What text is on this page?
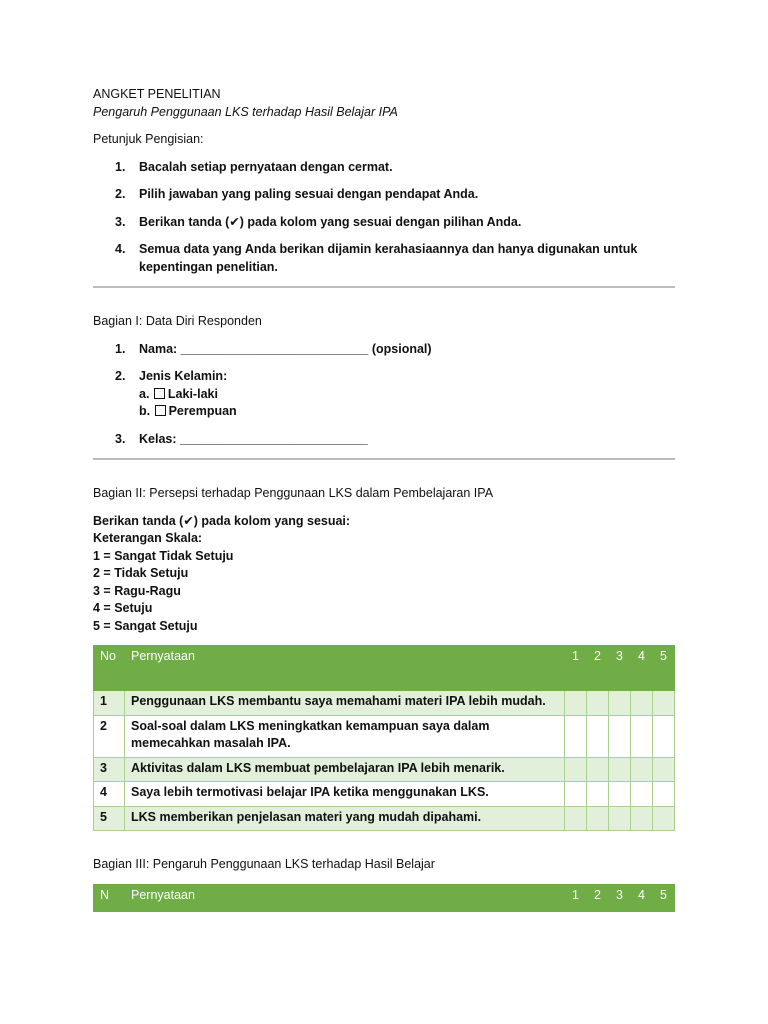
ANGKET PENELITIAN

Pengaruh Penggunaan LKS terhadap Hasil Belajar IPA

Petunjuk Pengisian:

1.	Bacalah setiap pernyataan dengan cermat.
2.	Pilih jawaban yang paling sesuai dengan pendapat Anda.
3.	Berikan tanda (✔) pada kolom yang sesuai dengan pilihan Anda.
4.	Semua data yang Anda berikan dijamin kerahasiaannya dan hanya digunakan untuk kepentingan penelitian.

Bagian I: Data Diri Responden

1.	Nama: ___________________________ (opsional)
2.	Jenis Kelamin:
a. Laki-laki
b. Perempuan
3.	Kelas: ___________________________

Bagian II: Persepsi terhadap Penggunaan LKS dalam Pembelajaran IPA

Berikan tanda (✔) pada kolom yang sesuai:

Keterangan Skala:

1 = Sangat Tidak Setuju

2 = Tidak Setuju

3 = Ragu-Ragu

4 = Setuju

5 = Sangat Setuju

No	Pernyataan	1	2	3	4	5
1	Penggunaan LKS membantu saya memahami materi IPA lebih mudah.					
2	Soal-soal dalam LKS meningkatkan kemampuan saya dalam memecahkan masalah IPA.					
3	Aktivitas dalam LKS membuat pembelajaran IPA lebih menarik.					
4	Saya lebih termotivasi belajar IPA ketika menggunakan LKS.					
5	LKS memberikan penjelasan materi yang mudah dipahami.					

Bagian III: Pengaruh Penggunaan LKS terhadap Hasil Belajar

N	Pernyataan	1	2	3	4	5
